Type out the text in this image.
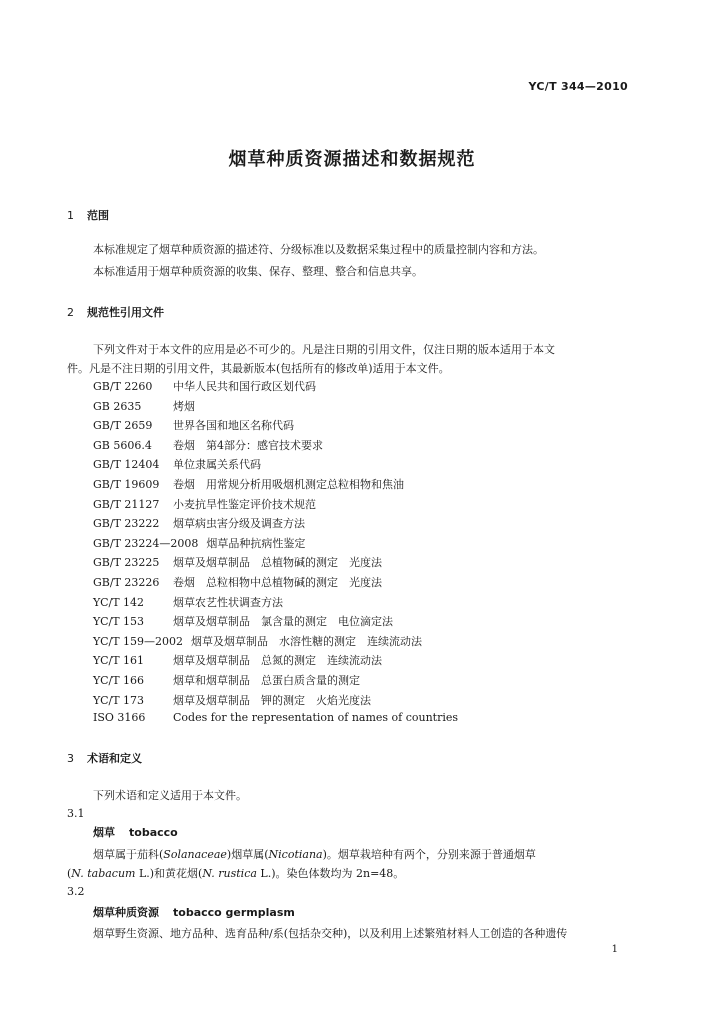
YC/T 344—2010
烟草种质资源描述和数据规范
1 范围
本标准规定了烟草种质资源的描述符、分级标准以及数据采集过程中的质量控制内容和方法。
本标准适用于烟草种质资源的收集、保存、整理、整合和信息共享。
2 规范性引用文件
下列文件对于本文件的应用是必不可少的。凡是注日期的引用文件，仅注日期的版本适用于本文
件。凡是不注日期的引用文件，其最新版本(包括所有的修改单)适用于本文件。
GB/T 2260 中华人民共和国行政区划代码
GB 2635	烤烟
GB/T 2659 世界各国和地区名称代码
GB 5606.4 卷烟　第4部分：感官技术要求
GB/T 12404 单位隶属关系代码
GB/T 19609 卷烟　用常规分析用吸烟机测定总粒相物和焦油
GB/T 21127 小麦抗旱性鉴定评价技术规范
GB/T 23222 烟草病虫害分级及调查方法
GB/T 23224—2008 烟草品种抗病性鉴定
GB/T 23225 烟草及烟草制品　总植物碱的测定　光度法
GB/T 23226 卷烟　总粒相物中总植物碱的测定　光度法
YC/T 142	烟草农艺性状调查方法
YC/T 153	烟草及烟草制品　氯含量的测定　电位滴定法
YC/T 159—2002 烟草及烟草制品　水溶性糖的测定　连续流动法
YC/T 161	烟草及烟草制品　总氮的测定　连续流动法
YC/T 166	烟草和烟草制品　总蛋白质含量的测定
YC/T 173	烟草及烟草制品　钾的测定　火焰光度法
ISO 3166	Codes for the representation of names of countries
3 术语和定义
下列术语和定义适用于本文件。
3.1
烟草 tobacco
烟草属于茄科(Solanaceae)烟草属(Nicotiana)。烟草栽培种有两个，分别来源于普通烟草
(N. tabacum L.)和黄花烟(N. rustica L.)。染色体数均为 2n=48。
3.2
烟草种质资源 tobacco germplasm
烟草野生资源、地方品种、选育品种/系(包括杂交种)，以及利用上述繁殖材料人工创造的各种遗传
1
